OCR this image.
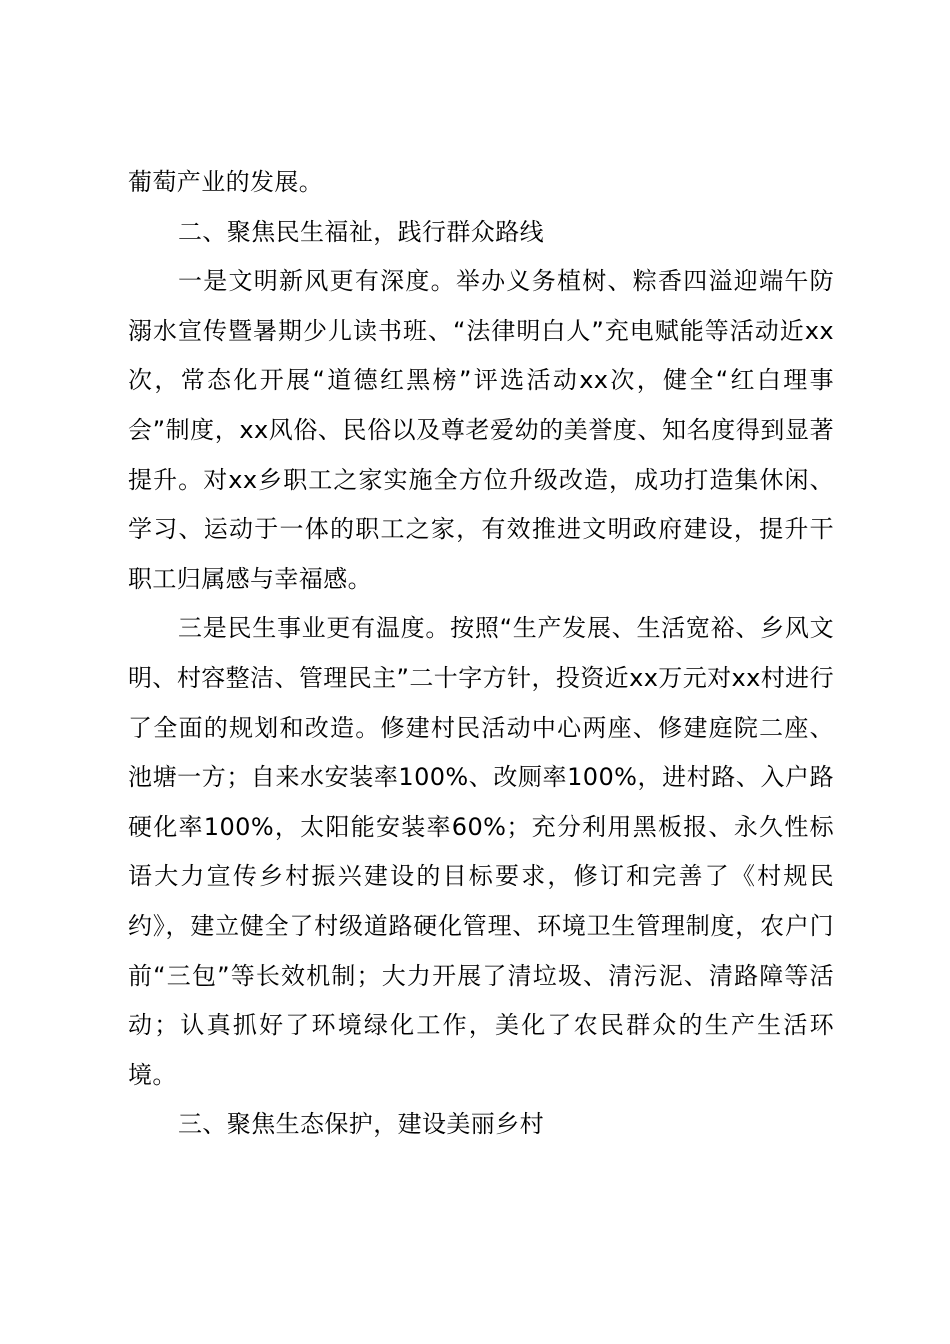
葡萄产业的发展。

二、聚焦民生福祉，践行群众路线

一是文明新风更有深度。举办义务植树、粽香四溢迎端午防溺水宣传暨暑期少儿读书班、“法律明白人”充电赋能等活动近xx次，常态化开展“道德红黑榜”评选活动xx次，健全“红白理事会”制度，xx风俗、民俗以及尊老爱幼的美誉度、知名度得到显著提升。对xx乡职工之家实施全方位升级改造，成功打造集休闲、学习、运动于一体的职工之家，有效推进文明政府建设，提升干职工归属感与幸福感。

三是民生事业更有温度。按照“生产发展、生活宽裕、乡风文明、村容整洁、管理民主”二十字方针，投资近xx万元对xx村进行了全面的规划和改造。修建村民活动中心两座、修建庭院二座、池塘一方；自来水安装率100%、改厕率100%，进村路、入户路硬化率100%，太阳能安装率60%；充分利用黑板报、永久性标语大力宣传乡村振兴建设的目标要求，修订和完善了《村规民约》，建立健全了村级道路硬化管理、环境卫生管理制度，农户门前“三包”等长效机制；大力开展了清垃圾、清污泥、清路障等活动；认真抓好了环境绿化工作，美化了农民群众的生产生活环境。

三、聚焦生态保护，建设美丽乡村
